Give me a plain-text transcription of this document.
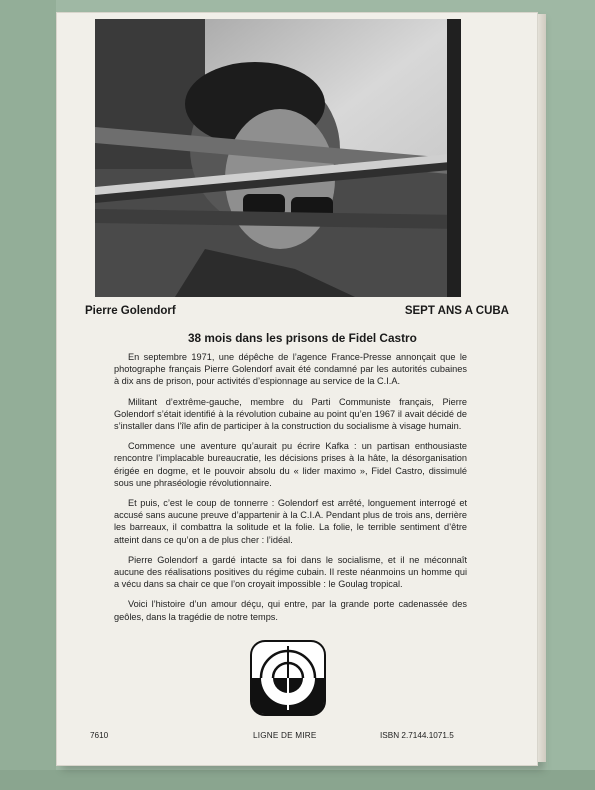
Pierre Golendorf	SEPT ANS A CUBA
38 mois dans les prisons de Fidel Castro

En septembre 1971, une dépêche de l’agence France-Presse annonçait que le photographe français Pierre Golendorf avait été condamné par les autorités cubaines à dix ans de prison, pour activités d’espionnage au service de la C.I.A.

Militant d’extrême-gauche, membre du Parti Communiste français, Pierre Golendorf s’était identifié à la révolution cubaine au point qu’en 1967 il avait décidé de s’installer dans l’île afin de participer à la construction du socialisme à visage humain.

Commence une aventure qu’aurait pu écrire Kafka : un partisan enthousiaste rencontre l’implacable bureaucratie, les décisions prises à la hâte, la désorganisation érigée en dogme, et le pouvoir absolu du « lider maximo », Fidel Castro, dissimulé sous une phraséologie révolutionnaire.

Et puis, c’est le coup de tonnerre : Golendorf est arrêté, longuement interrogé et accusé sans aucune preuve d’appartenir à la C.I.A. Pendant plus de trois ans, derrière les barreaux, il combattra la solitude et la folie. La folie, le terrible sentiment d’être atteint dans ce qu’on a de plus cher : l’idéal.

Pierre Golendorf a gardé intacte sa foi dans le socialisme, et il ne méconnaît aucune des réalisations positives du régime cubain. Il reste néanmoins un homme qui a vécu dans sa chair ce que l’on croyait impossible : le Goulag tropical.

Voici l’histoire d’un amour déçu, qui entre, par la grande porte cadenassée des geôles, dans la tragédie de notre temps.

7610	LIGNE DE MIRE	ISBN 2.7144.1071.5
